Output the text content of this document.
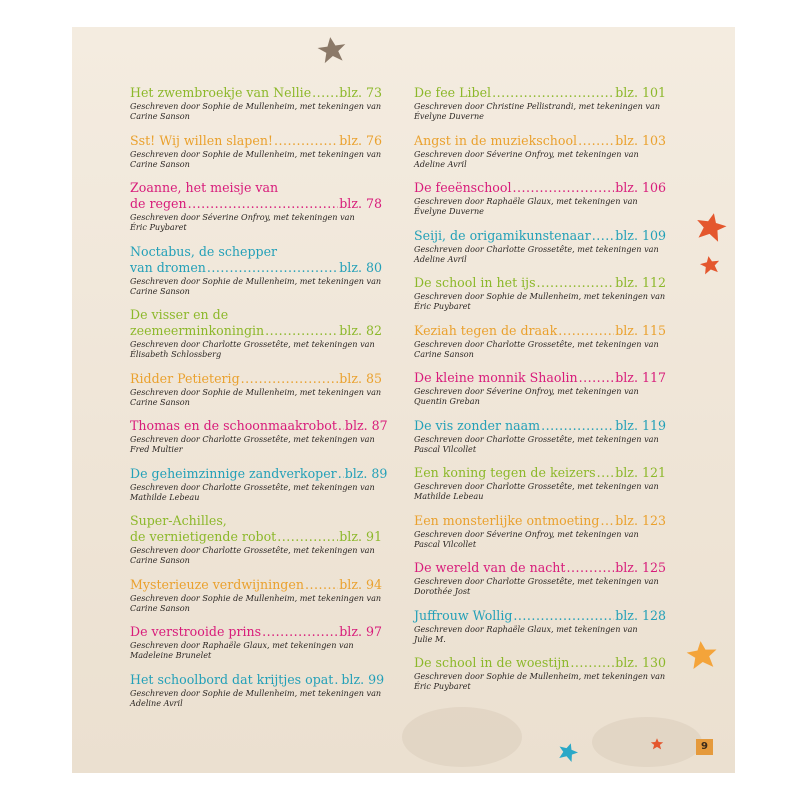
Het zwembroekje van Nellie ..... blz. 73
Geschreven door Sophie de Mullenheim, met tekeningen van
Carine Sanson
Sst! Wij willen slapen! .....	blz. 76
Geschreven door Sophie de Mullenheim, met tekeningen van
Carine Sanson
Zoanne, het meisje van
de regen .....	blz. 78
Geschreven door Séverine Onfroy, met tekeningen van
Éric Puybaret
Noctabus, de schepper
van dromen .....	blz. 80
Geschreven door Sophie de Mullenheim, met tekeningen van
Carine Sanson
De visser en de
zeemeerminkoningin .....	blz. 82
Geschreven door Charlotte Grossetête, met tekeningen van
Élisabeth Schlossberg
Ridder Petieterig .....	blz. 85
Geschreven door Sophie de Mullenheim, met tekeningen van
Carine Sanson
Thomas en de schoonmaakrobot ..... blz. 87
Geschreven door Charlotte Grossetête, met tekeningen van
Fred Multier
De geheimzinnige zandverkoper ..... blz. 89
Geschreven door Charlotte Grossetête, met tekeningen van
Mathilde Lebeau
Super-Achilles,
de vernietigende robot .....	blz. 91
Geschreven door Charlotte Grossetête, met tekeningen van
Carine Sanson
Mysterieuze verdwijningen .....	blz. 94
Geschreven door Sophie de Mullenheim, met tekeningen van
Carine Sanson
De verstrooide prins .....	blz. 97
Geschreven door Raphaële Glaux, met tekeningen van
Madeleine Brunelet
Het schoolbord dat krijtjes opat ..... blz. 99
Geschreven door Sophie de Mullenheim, met tekeningen van
Adeline Avril
De fee Libel .....	blz. 101
Geschreven door Christine Pellistrandi, met tekeningen van
Évelyne Duverne
Angst in de muziekschool .....	blz. 103
Geschreven door Séverine Onfroy, met tekeningen van
Adeline Avril
De feeënschool .....	blz. 106
Geschreven door Raphaële Glaux, met tekeningen van
Évelyne Duverne
Seiji, de origamikunstenaar ..... blz. 109
Geschreven door Charlotte Grossetête, met tekeningen van
Adeline Avril
De school in het ijs .....	blz. 112
Geschreven door Sophie de Mullenheim, met tekeningen van
Éric Puybaret
Keziah tegen de draak .....	blz. 115
Geschreven door Charlotte Grossetête, met tekeningen van
Carine Sanson
De kleine monnik Shaolin .....	blz. 117
Geschreven door Séverine Onfroy, met tekeningen van
Quentin Greban
De vis zonder naam .....	blz. 119
Geschreven door Charlotte Grossetête, met tekeningen van
Pascal Vilcollet
Een koning tegen de keizers ..... blz. 121
Geschreven door Charlotte Grossetête, met tekeningen van
Mathilde Lebeau
Een monsterlijke ontmoeting ..... blz. 123
Geschreven door Séverine Onfroy, met tekeningen van
Pascal Vilcollet
De wereld van de nacht .....	blz. 125
Geschreven door Charlotte Grossetête, met tekeningen van
Dorothée Jost
Juffrouw Wollig .....	blz. 128
Geschreven door Raphaële Glaux, met tekeningen van
Julie M.
De school in de woestijn .....	blz. 130
Geschreven door Sophie de Mullenheim, met tekeningen van
Éric Puybaret
9
